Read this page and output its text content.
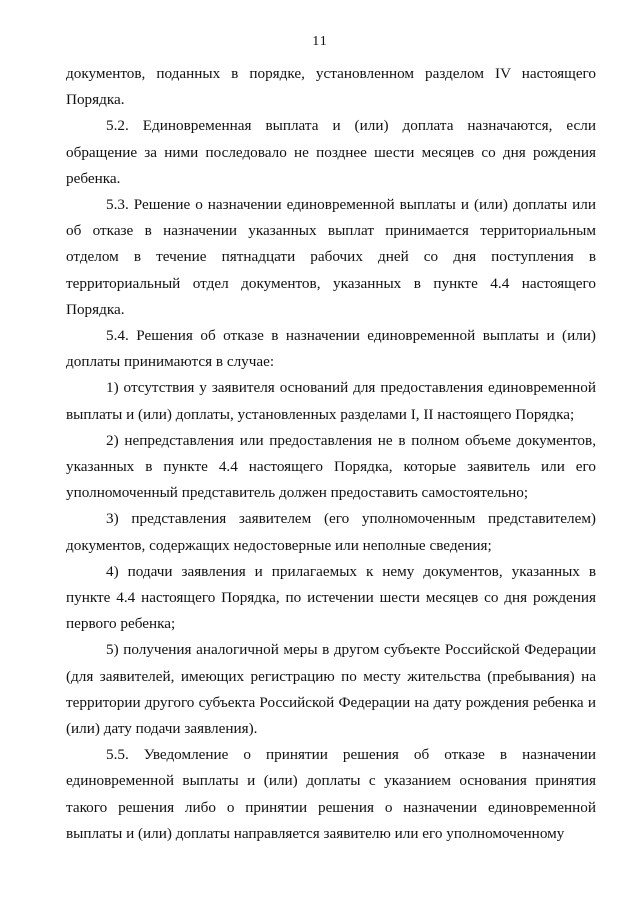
11

документов, поданных в порядке, установленном разделом IV настоящего Порядка.

5.2. Единовременная выплата и (или) доплата назначаются, если обращение за ними последовало не позднее шести месяцев со дня рождения ребенка.

5.3. Решение о назначении единовременной выплаты и (или) доплаты или об отказе в назначении указанных выплат принимается территориальным отделом в течение пятнадцати рабочих дней со дня поступления в территориальный отдел документов, указанных в пункте 4.4 настоящего Порядка.

5.4. Решения об отказе в назначении единовременной выплаты и (или) доплаты принимаются в случае:

1) отсутствия у заявителя оснований для предоставления единовременной выплаты и (или) доплаты, установленных разделами I, II настоящего Порядка;

2) непредставления или предоставления не в полном объеме документов, указанных в пункте 4.4 настоящего Порядка, которые заявитель или его уполномоченный представитель должен предоставить самостоятельно;

3) представления заявителем (его уполномоченным представителем) документов, содержащих недостоверные или неполные сведения;

4) подачи заявления и прилагаемых к нему документов, указанных в пункте 4.4 настоящего Порядка, по истечении шести месяцев со дня рождения первого ребенка;

5) получения аналогичной меры в другом субъекте Российской Федерации (для заявителей, имеющих регистрацию по месту жительства (пребывания) на территории другого субъекта Российской Федерации на дату рождения ребенка и (или) дату подачи заявления).

5.5. Уведомление о принятии решения об отказе в назначении единовременной выплаты и (или) доплаты с указанием основания принятия такого решения либо о принятии решения о назначении единовременной выплаты и (или) доплаты направляется заявителю или его уполномоченному
